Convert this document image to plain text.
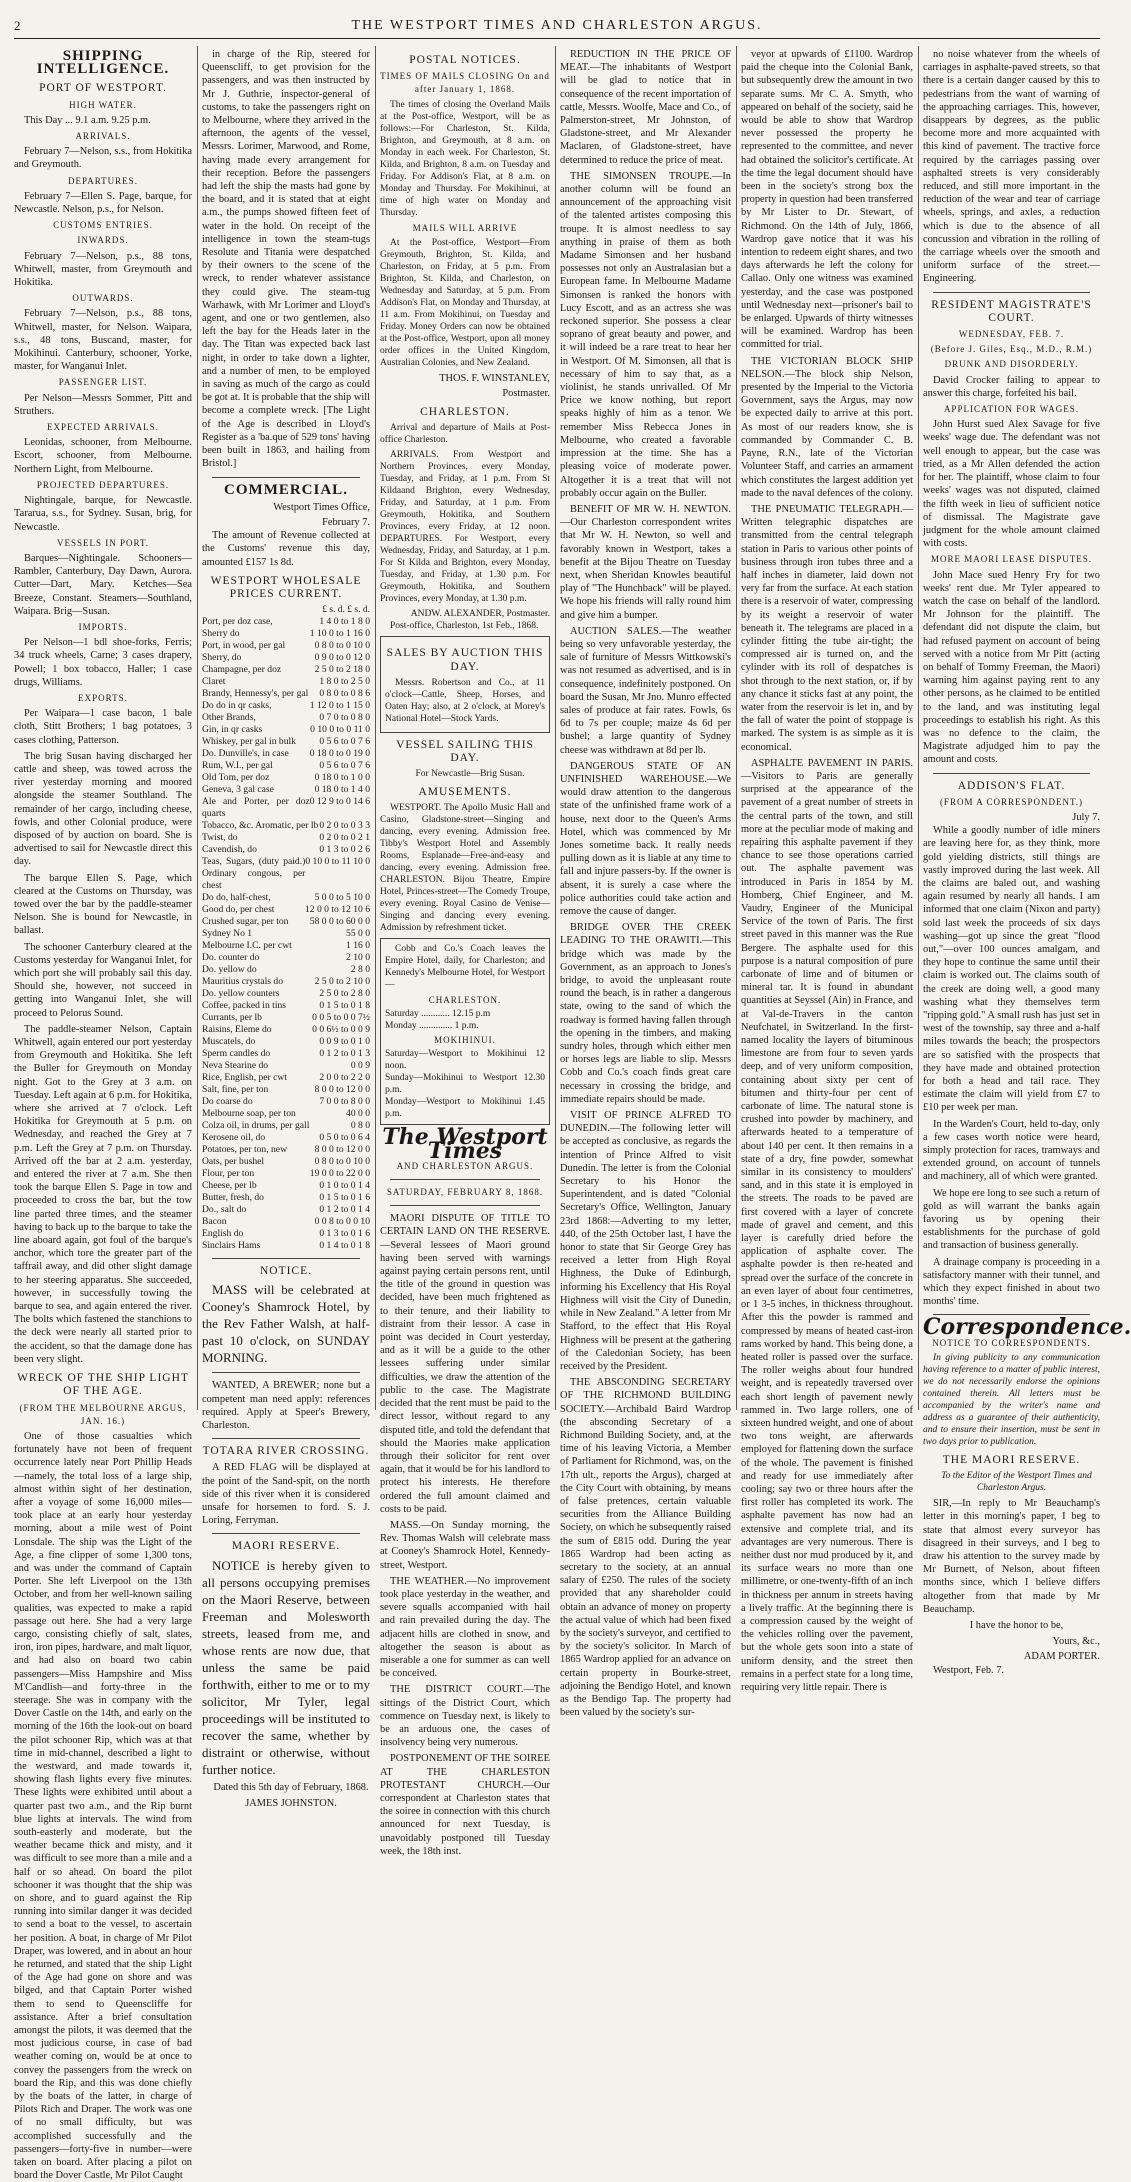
2	THE WESTPORT TIMES AND CHARLESTON ARGUS.
SHIPPING INTELLIGENCE.
PORT OF WESTPORT.
HIGH WATER.

This Day ... 9.1 a.m. 9.25 p.m.

ARRIVALS.

February 7—Nelson, s.s., from Hokitika and Greymouth.

DEPARTURES.

February 7—Ellen S. Page, barque, for Newcastle. Nelson, p.s., for Nelson.

CUSTOMS ENTRIES.
INWARDS.

February 7—Nelson, p.s., 88 tons, Whitwell, master, from Greymouth and Hokitika.

OUTWARDS.

February 7—Nelson, p.s., 88 tons, Whitwell, master, for Nelson. Waipara, s.s., 48 tons, Buscand, master, for Mokihinui. Canterbury, schooner, Yorke, master, for Wanganui Inlet.

PASSENGER LIST.

Per Nelson—Messrs Sommer, Pitt and Struthers.

EXPECTED ARRIVALS.

Leonidas, schooner, from Melbourne. Escort, schooner, from Melbourne. Northern Light, from Melbourne.

PROJECTED DEPARTURES.

Nightingale, barque, for Newcastle. Tararua, s.s., for Sydney. Susan, brig, for Newcastle.

VESSELS IN PORT.

Barques—Nightingale. Schooners—Rambler, Canterbury, Day Dawn, Aurora. Cutter—Dart, Mary. Ketches—Sea Breeze, Constant. Steamers—Southland, Waipara. Brig—Susan.

IMPORTS.

Per Nelson—1 bdl shoe-forks, Ferris; 34 truck wheels, Carne; 3 cases drapery, Powell; 1 box tobacco, Haller; 1 case drugs, Williams.

EXPORTS.

Per Waipara—1 case bacon, 1 bale cloth, Stitt Brothers; 1 bag potatoes, 3 cases clothing, Patterson.

The brig Susan having discharged her cattle and sheep, was towed across the river yesterday morning and moored alongside the steamer Southland. The remainder of her cargo, including cheese, fowls, and other Colonial produce, were disposed of by auction on board. She is advertised to sail for Newcastle direct this day.

The barque Ellen S. Page, which cleared at the Customs on Thursday, was towed over the bar by the paddle-steamer Nelson. She is bound for Newcastle, in ballast.

The schooner Canterbury cleared at the Customs yesterday for Wanganui Inlet, for which port she will probably sail this day. Should she, however, not succeed in getting into Wanganui Inlet, she will proceed to Pelorus Sound.

The paddle-steamer Nelson, Captain Whitwell, again entered our port yesterday from Greymouth and Hokitika. She left the Buller for Greymouth on Monday night. Got to the Grey at 3 a.m. on Tuesday. Left again at 6 p.m. for Hokitika, where she arrived at 7 o'clock. Left Hokitika for Greymouth at 5 p.m. on Wednesday, and reached the Grey at 7 p.m. Left the Grey at 7 p.m. on Thursday. Arrived off the bar at 2 a.m. yesterday, and entered the river at 7 a.m. She then took the barque Ellen S. Page in tow and proceeded to cross the bar, but the tow line parted three times, and the steamer having to back up to the barque to take the line aboard again, got foul of the barque's anchor, which tore the greater part of the taffrail away, and did other slight damage to her steering apparatus. She succeeded, however, in successfully towing the barque to sea, and again entered the river. The bolts which fastened the stanchions to the deck were nearly all started prior to the accident, so that the damage done has been very slight.

WRECK OF THE SHIP LIGHT OF THE AGE.
(FROM THE MELBOURNE ARGUS, JAN. 16.)

One of those casualties which fortunately have not been of frequent occurrence lately near Port Phillip Heads—namely, the total loss of a large ship, almost within sight of her destination, after a voyage of some 16,000 miles—took place at an early hour yesterday morning, about a mile west of Point Lonsdale. The ship was the Light of the Age, a fine clipper of some 1,300 tons, and was under the command of Captain Porter. She left Liverpool on the 13th October, and from her well-known sailing qualities, was expected to make a rapid passage out here. She had a very large cargo, consisting chiefly of salt, slates, iron, iron pipes, hardware, and malt liquor, and had also on board two cabin passengers—Miss Hampshire and Miss M'Candlish—and forty-three in the steerage. She was in company with the Dover Castle on the 14th, and early on the morning of the 16th the look-out on board the pilot schooner Rip, which was at that time in mid-channel, described a light to the westward, and made towards it, showing flash lights every five minutes. These lights were exhibited until about a quarter past two a.m., and the Rip burnt blue lights at intervals. The wind from south-easterly and moderate, but the weather became thick and misty, and it was difficult to see more than a mile and a half or so ahead. On board the pilot schooner it was thought that the ship was on shore, and to guard against the Rip running into similar danger it was decided to send a boat to the vessel, to ascertain her position. A boat, in charge of Mr Pilot Draper, was lowered, and in about an hour he returned, and stated that the ship Light of the Age had gone on shore and was bilged, and that Captain Porter wished them to send to Queenscliffe for assistance. After a brief consultation amongst the pilots, it was deemed that the most judicious course, in case of bad weather coming on, would be at once to convey the passengers from the wreck on board the Rip, and this was done chiefly by the boats of the latter, in charge of Pilots Rich and Draper. The work was one of no small difficulty, but was accomplished successfully and the passengers—forty-five in number—were taken on board. After placing a pilot on board the Dover Castle, Mr Pilot Caught

in charge of the Rip, steered for Queenscliff, to get provision for the passengers, and was then instructed by Mr J. Guthrie, inspector-general of customs, to take the passengers right on to Melbourne, where they arrived in the afternoon, the agents of the vessel, Messrs. Lorimer, Marwood, and Rome, having made every arrangement for their reception. Before the passengers had left the ship the masts had gone by the board, and it is stated that at eight a.m., the pumps showed fifteen feet of water in the hold. On receipt of the intelligence in town the steam-tugs Resolute and Titania were despatched by their owners to the scene of the wreck, to render whatever assistance they could give. The steam-tug Warhawk, with Mr Lorimer and Lloyd's agent, and one or two gentlemen, also left the bay for the Heads later in the day. The Titan was expected back last night, in order to take down a lighter, and a number of men, to be employed in saving as much of the cargo as could be got at. It is probable that the ship will become a complete wreck. [The Light of the Age is described in Lloyd's Register as a 'ba.que of 529 tons' having been built in 1863, and hailing from Bristol.]

COMMERCIAL.
Westport Times Office,
February 7.

The amount of Revenue collected at the Customs' revenue this day, amounted £157 1s 8d.

WESTPORT WHOLESALE PRICES CURRENT.
£ s. d. £ s. d.
Port, per doz case,	1 4 0 to 1 8 0
Sherry do	1 10 0 to 1 16 0
Port, in wood, per gal	0 8 0 to 0 10 0
Sherry, do	0 9 0 to 0 12 0
Champagne, per doz	2 5 0 to 2 18 0
Claret	1 8 0 to 2 5 0
Brandy, Hennessy's, per gal	0 8 0 to 0 8 6
Do do in qr casks,	1 12 0 to 1 15 0
Other Brands,	0 7 0 to 0 8 0
Gin, in qr casks	0 10 0 to 0 11 0
Whiskey, per gal in bulk	0 5 6 to 0 7 6
Do. Dunville's, in case	0 18 0 to 0 19 0
Rum, W.I., per gal	0 5 6 to 0 7 6
Old Tom, per doz	0 18 0 to 1 0 0
Geneva, 3 gal case	0 18 0 to 1 4 0
Ale and Porter, per doz quarts
0 12 9 to 0 14 6
Tobacco, &c. Aromatic, per lb 0 2 0 to 0 3 3
Twist, do	0 2 0 to 0 2 1
Cavendish, do	0 1 3 to 0 2 6
Teas, Sugars, (duty paid.) Ordinary congous, per chest
0 10 0 to 11 10 0
Do do, half-chest,	5 0 0 to 5 10 0
Good do, per chest	12 0 0 to 12 10 6
Crushed sugar, per ton	58 0 0 to 60 0 0
Sydney No 1	55 0 0
Melbourne I.C. per cwt	1 16 0
Do. counter do	2 10 0
Do. yellow do	2 8 0
Mauritius crystals do	2 5 0 to 2 10 0
Do. yellow counters	2 5 0 to 2 8 0
Coffee, packed in tins	0 1 5 to 0 1 8
Currants, per lb	0 0 5 to 0 0 7½
Raisins, Eleme do	0 0 6½ to 0 0 9
Muscatels, do	0 0 9 to 0 1 0
Sperm candles do	0 1 2 to 0 1 3
Neva Stearine do	0 0 9
Rice, English, per cwt	2 0 0 to 2 2 0
Salt, fine, per ton	8 0 0 to 12 0 0
Do coarse do	7 0 0 to 8 0 0
Melbourne soap, per ton	40 0 0
Colza oil, in drums, per gall	0 8 0
Kerosene oil, do	0 5 0 to 0 6 4
Potatoes, per ton, new	8 0 0 to 12 0 0
Oats, per bushel	0 8 0 to 0 10 0
Flour, per ton	19 0 0 to 22 0 0
Cheese, per lb	0 1 0 to 0 1 4
Butter, fresh, do	0 1 5 to 0 1 6
Do., salt do	0 1 2 to 0 1 4
Bacon	0 0 8 to 0 0 10
English do	0 1 3 to 0 1 6
Sinclairs Hams	0 1 4 to 0 1 8
NOTICE.

MASS will be celebrated at Cooney's Shamrock Hotel, by the Rev Father Walsh, at half-past 10 o'clock, on SUNDAY MORNING.

WANTED, A BREWER; none but a competent man need apply: references required. Apply at Speer's Brewery, Charleston.

TOTARA RIVER CROSSING.

A RED FLAG will be displayed at the point of the Sand-spit, on the north side of this river when it is considered unsafe for horsemen to ford. S. J. Loring, Ferryman.

MAORI RESERVE.

NOTICE is hereby given to all persons occupying premises on the Maori Reserve, between Freeman and Molesworth streets, leased from me, and whose rents are now due, that unless the same be paid forthwith, either to me or to my solicitor, Mr Tyler, legal proceedings will be instituted to recover the same, whether by distraint or otherwise, without further notice.

Dated this 5th day of February, 1868.

JAMES JOHNSTON.

POSTAL NOTICES.
TIMES OF MAILS CLOSING On and after January 1, 1868.

The times of closing the Overland Mails at the Post-office, Westport, will be as follows:—For Charleston, St. Kilda, Brighton, and Greymouth, at 8 a.m. on Monday in each week. For Charleston, St. Kilda, and Brighton, 8 a.m. on Tuesday and Friday. For Addison's Flat, at 8 a.m. on Monday and Thursday. For Mokihinui, at time of high water on Monday and Thursday.

MAILS WILL ARRIVE

At the Post-office, Westport—From Greymouth, Brighton, St. Kilda, and Charleston, on Friday, at 5 p.m. From Brighton, St. Kilda, and Charleston, on Wednesday and Saturday, at 5 p.m. From Addison's Flat, on Monday and Thursday, at 11 a.m. From Mokihinui, on Tuesday and Friday. Money Orders can now be obtained at the Post-office, Westport, upon all money order offices in the United Kingdom, Australian Colonies, and New Zealand.

THOS. F. WINSTANLEY,
Postmaster.
CHARLESTON.

Arrival and departure of Mails at Post-office Charleston.

ARRIVALS. From Westport and Northern Provinces, every Monday, Tuesday, and Friday, at 1 p.m. From St Kildaand Brighton, every Wednesday, Friday, and Saturday, at 1 p.m. From Greymouth, Hokitika, and Southern Provinces, every Friday, at 12 noon. DEPARTURES. For Westport, every Wednesday, Friday, and Saturday, at 1 p.m. For St Kilda and Brighton, every Monday, Tuesday, and Friday, at 1.30 p.m. For Greymouth, Hokitika, and Southern Provinces, every Monday, at 1.30 p.m.

ANDW. ALEXANDER, Postmaster.

Post-office, Charleston, 1st Feb., 1868.

SALES BY AUCTION THIS DAY.

Messrs. Robertson and Co., at 11 o'clock—Cattle, Sheep, Horses, and Oaten Hay; also, at 2 o'clock, at Morey's National Hotel—Stock Yards.

VESSEL SAILING THIS DAY.

For Newcastle—Brig Susan.

AMUSEMENTS.

WESTPORT. The Apollo Music Hall and Casino, Gladstone-street—Singing and dancing, every evening. Admission free. Tibby's Westport Hotel and Assembly Rooms, Esplanade—Free-and-easy and dancing, every evening. Admission free. CHARLESTON. Bijou Theatre, Empire Hotel, Princes-street—The Comedy Troupe, every evening. Royal Casino de Venise—Singing and dancing every evening. Admission by refreshment ticket.

Cobb and Co.'s Coach leaves the Empire Hotel, daily, for Charleston; and Kennedy's Melbourne Hotel, for Westport—

CHARLESTON.
Saturday ............ 12.15 p.m
Monday .............. 1 p.m.
MOKIHINUI.
Saturday—Westport to Mokihinui 12 noon.
Sunday—Mokihinui to Westport 12.30 p.m.
Monday—Westport to Mokihinui 1.45 p.m.
The Westport Times
AND CHARLESTON ARGUS.
SATURDAY, FEBRUARY 8, 1868.

MAORI DISPUTE OF TITLE TO CERTAIN LAND ON THE RESERVE.—Several lessees of Maori ground having been served with warnings against paying certain persons rent, until the title of the ground in question was decided, have been much frightened as to their tenure, and their liability to distraint from their lessor. A case in point was decided in Court yesterday, and as it will be a guide to the other lessees suffering under similar difficulties, we draw the attention of the public to the case. The Magistrate decided that the rent must be paid to the direct lessor, without regard to any disputed title, and told the defendant that should the Maories make application through their solicitor for rent over again, that it would be for his landlord to protect his interests. He therefore ordered the full amount claimed and costs to be paid.

MASS.—On Sunday morning, the Rev. Thomas Walsh will celebrate mass at Cooney's Shamrock Hotel, Kennedy-street, Westport.

THE WEATHER.—No improvement took place yesterday in the weather, and severe squalls accompanied with hail and rain prevailed during the day. The adjacent hills are clothed in snow, and altogether the season is about as miserable a one for summer as can well be conceived.

THE DISTRICT COURT.—The sittings of the District Court, which commence on Tuesday next, is likely to be an arduous one, the cases of insolvency being very numerous.

POSTPONEMENT OF THE SOIREE AT THE CHARLESTON PROTESTANT CHURCH.—Our correspondent at Charleston states that the soiree in connection with this church announced for next Tuesday, is unavoidably postponed till Tuesday week, the 18th inst.

REDUCTION IN THE PRICE OF MEAT.—The inhabitants of Westport will be glad to notice that in consequence of the recent importation of cattle, Messrs. Woolfe, Mace and Co., of Palmerston-street, Mr Johnston, of Gladstone-street, and Mr Alexander Maclaren, of Gladstone-street, have determined to reduce the price of meat.

THE SIMONSEN TROUPE.—In another column will be found an announcement of the approaching visit of the talented artistes composing this troupe. It is almost needless to say anything in praise of them as both Madame Simonsen and her husband possesses not only an Australasian but a European fame. In Melbourne Madame Simonsen is ranked the honors with Lucy Escott, and as an actress she was reckoned superior. She possess a clear soprano of great beauty and power, and it will indeed be a rare treat to hear her in Westport. Of M. Simonsen, all that is necessary of him to say that, as a violinist, he stands unrivalled. Of Mr Price we know nothing, but report speaks highly of him as a tenor. We remember Miss Rebecca Jones in Melbourne, who created a favorable impression at the time. She has a pleasing voice of moderate power. Altogether it is a treat that will not probably occur again on the Buller.

BENEFIT OF MR W. H. NEWTON.—Our Charleston correspondent writes that Mr W. H. Newton, so well and favorably known in Westport, takes a benefit at the Bijou Theatre on Tuesday next, when Sheridan Knowles beautiful play of "The Hunchback" will be played. We hope his friends will rally round him and give him a bumper.

AUCTION SALES.—The weather being so very unfavorable yesterday, the sale of furniture of Messrs Wittkowski's was not resumed as advertised, and is in consequence, indefinitely postponed. On board the Susan, Mr Jno. Munro effected sales of produce at fair rates. Fowls, 6s 6d to 7s per couple; maize 4s 6d per bushel; a large quantity of Sydney cheese was withdrawn at 8d per lb.

DANGEROUS STATE OF AN UNFINISHED WAREHOUSE.—We would draw attention to the dangerous state of the unfinished frame work of a house, next door to the Queen's Arms Hotel, which was commenced by Mr Jones sometime back. It really needs pulling down as it is liable at any time to fall and injure passers-by. If the owner is absent, it is surely a case where the police authorities could take action and remove the cause of danger.

BRIDGE OVER THE CREEK LEADING TO THE ORAWITI.—This bridge which was made by the Government, as an approach to Jones's bridge, to avoid the unpleasant route round the beach, is in rather a dangerous state, owing to the sand of which the roadway is formed having fallen through the opening in the timbers, and making sundry holes, through which either men or horses legs are liable to slip. Messrs Cobb and Co.'s coach finds great care necessary in crossing the bridge, and immediate repairs should be made.

VISIT OF PRINCE ALFRED TO DUNEDIN.—The following letter will be accepted as conclusive, as regards the intention of Prince Alfred to visit Dunedin. The letter is from the Colonial Secretary to his Honor the Superintendent, and is dated "Colonial Secretary's Office, Wellington, January 23rd 1868:—Adverting to my letter, 440, of the 25th October last, I have the honor to state that Sir George Grey has received a letter from High Royal Highness, the Duke of Edinburgh, informing his Excellency that His Royal Highness will visit the City of Dunedin, while in New Zealand." A letter from Mr Stafford, to the effect that His Royal Highness will be present at the gathering of the Caledonian Society, has been received by the President.

THE ABSCONDING SECRETARY OF THE RICHMOND BUILDING SOCIETY.—Archibald Baird Wardrop (the absconding Secretary of a Richmond Building Society, and, at the time of his leaving Victoria, a Member of Parliament for Richmond, was, on the 17th ult., reports the Argus), charged at the City Court with obtaining, by means of false pretences, certain valuable securities from the Alliance Building Society, on which he subsequently raised the sum of £815 odd. During the year 1865 Wardrop had been acting as secretary to the society, at an annual salary of £250. The rules of the society provided that any shareholder could obtain an advance of money on property the actual value of which had been fixed by the society's surveyor, and certified to by the society's solicitor. In March of 1865 Wardrop applied for an advance on certain property in Bourke-street, adjoining the Bendigo Hotel, and known as the Bendigo Tap. The property had been valued by the society's sur-

veyor at upwards of £1100. Wardrop paid the cheque into the Colonial Bank, but subsequently drew the amount in two separate sums. Mr C. A. Smyth, who appeared on behalf of the society, said he would be able to show that Wardrop never possessed the property he represented to the committee, and never had obtained the solicitor's certificate. At the time the legal document should have been in the society's strong box the property in question had been transferred by Mr Lister to Dr. Stewart, of Richmond. On the 14th of July, 1866, Wardrop gave notice that it was his intention to redeem eight shares, and two days afterwards he left the colony for Callao. Only one witness was examined yesterday, and the case was postponed until Wednesday next—prisoner's bail to be enlarged. Upwards of thirty witnesses will be examined. Wardrop has been committed for trial.

THE VICTORIAN BLOCK SHIP NELSON.—The block ship Nelson, presented by the Imperial to the Victoria Government, says the Argus, may now be expected daily to arrive at this port. As most of our readers know, she is commanded by Commander C. B. Payne, R.N., late of the Victorian Volunteer Staff, and carries an armament which constitutes the largest addition yet made to the naval defences of the colony.

THE PNEUMATIC TELEGRAPH.—Written telegraphic dispatches are transmitted from the central telegraph station in Paris to various other points of business through iron tubes three and a half inches in diameter, laid down not very far from the surface. At each station there is a reservoir of water, compressing by its weight a reservoir of water beneath it. The telegrams are placed in a cylinder fitting the tube air-tight; the compressed air is turned on, and the cylinder with its roll of despatches is shot through to the next station, or, if by any chance it sticks fast at any point, the water from the reservoir is let in, and by the fall of water the point of stoppage is marked. The system is as simple as it is economical.

ASPHALTE PAVEMENT IN PARIS.—Visitors to Paris are generally surprised at the appearance of the pavement of a great number of streets in the central parts of the town, and still more at the peculiar mode of making and repairing this asphalte pavement if they chance to see those operations carried out. The asphalte pavement was introduced in Paris in 1854 by M. Homberg, Chief Engineer, and M. Vaudry, Engineer of the Municipal Service of the town of Paris. The first street paved in this manner was the Rue Bergere. The asphalte used for this purpose is a natural composition of pure carbonate of lime and of bitumen or mineral tar. It is found in abundant quantities at Seyssel (Ain) in France, and at Val-de-Travers in the canton Neufchatel, in Switzerland. In the first-named locality the layers of bituminous limestone are from four to seven yards deep, and of very uniform composition, containing about sixty per cent of bitumen and thirty-four per cent of carbonate of lime. The natural stone is crushed into powder by machinery, and afterwards heated to a temperature of about 140 per cent. It then remains in a state of a dry, fine powder, somewhat similar in its consistency to moulders' sand, and in this state it is employed in the streets. The roads to be paved are first covered with a layer of concrete made of gravel and cement, and this layer is carefully dried before the application of asphalte cover. The asphalte powder is then re-heated and spread over the surface of the concrete in an even layer of about four centimetres, or 1 3-5 inches, in thickness throughout. After this the powder is rammed and compressed by means of heated cast-iron rams worked by hand. This being done, a heated roller is passed over the surface. The roller weighs about four hundred weight, and is repeatedly traversed over each short length of pavement newly rammed in. Two large rollers, one of sixteen hundred weight, and one of about two tons weight, are afterwards employed for flattening down the surface of the whole. The pavement is finished and ready for use immediately after cooling; say two or three hours after the first roller has completed its work. The asphalte pavement has now had an extensive and complete trial, and its advantages are very numerous. There is neither dust nor mud produced by it, and its surface wears no more than one millimetre, or one-twenty-fifth of an inch in thickness per annum in streets having a lively traffic. At the beginning there is a compression caused by the weight of the vehicles rolling over the pavement, but the whole gets soon into a state of uniform density, and the street then remains in a perfect state for a long time, requiring very little repair. There is

no noise whatever from the wheels of carriages in asphalte-paved streets, so that there is a certain danger caused by this to pedestrians from the want of warning of the approaching carriages. This, however, disappears by degrees, as the public become more and more acquainted with this kind of pavement. The tractive force required by the carriages passing over asphalted streets is very considerably reduced, and still more important in the reduction of the wear and tear of carriage wheels, springs, and axles, a reduction which is due to the absence of all concussion and vibration in the rolling of the carriage wheels over the smooth and uniform surface of the street.—Engineering.

RESIDENT MAGISTRATE'S COURT.
WEDNESDAY, FEB. 7.
(Before J. Giles, Esq., M.D., R.M.)
DRUNK AND DISORDERLY.

David Crocker failing to appear to answer this charge, forfeited his bail.

APPLICATION FOR WAGES.

John Hurst sued Alex Savage for five weeks' wage due. The defendant was not well enough to appear, but the case was tried, as a Mr Allen defended the action for her. The plaintiff, whose claim to four weeks' wages was not disputed, claimed the fifth week in lieu of sufficient notice of dismissal. The Magistrate gave judgment for the whole amount claimed with costs.

MORE MAORI LEASE DISPUTES.

John Mace sued Henry Fry for two weeks' rent due. Mr Tyler appeared to watch the case on behalf of the landlord. Mr Johnson for the plaintiff. The defendant did not dispute the claim, but had refused payment on account of being served with a notice from Mr Pitt (acting on behalf of Tommy Freeman, the Maori) warning him against paying rent to any other persons, as he claimed to be entitled to the land, and was instituting legal proceedings to establish his right. As this was no defence to the claim, the Magistrate adjudged him to pay the amount and costs.

ADDISON'S FLAT.
(FROM A CORRESPONDENT.)
July 7.

While a goodly number of idle miners are leaving here for, as they think, more gold yielding districts, still things are vastly improved during the last week. All the claims are baled out, and washing again resumed by nearly all hands. I am informed that one claim (Nixon and party) sold last week the proceeds of six days washing—got up since the great "flood out,"—over 100 ounces amalgam, and they hope to continue the same until their claim is worked out. The claims south of the creek are doing well, a good many washing what they themselves term "ripping gold." A small rush has just set in west of the township, say three and a-half miles towards the beach; the prospectors are so satisfied with the prospects that they have made and obtained protection for both a head and tail race. They estimate the claim will yield from £7 to £10 per week per man.

In the Warden's Court, held to-day, only a few cases worth notice were heard, simply protection for races, tramways and extended ground, on account of tunnels and machinery, all of which were granted.

We hope ere long to see such a return of gold as will warrant the banks again favoring us by opening their establishments for the purchase of gold and transaction of business generally.

A drainage company is proceeding in a satisfactory manner with their tunnel, and which they expect finished in about two months' time.

Correspondence.
NOTICE TO CORRESPONDENTS.

In giving publicity to any communication having reference to a matter of public interest, we do not necessarily endorse the opinions contained therein. All letters must be accompanied by the writer's name and address as a guarantee of their authenticity, and to ensure their insertion, must be sent in two days prior to publication.

THE MAORI RESERVE.

To the Editor of the Westport Times and Charleston Argus.

SIR,—In reply to Mr Beauchamp's letter in this morning's paper, I beg to state that almost every surveyor has disagreed in their surveys, and I beg to draw his attention to the survey made by Mr Burnett, of Nelson, about fifteen months since, which I believe differs altogether from that made by Mr Beauchamp.

I have the honor to be,

Yours, &c.,
ADAM PORTER.

Westport, Feb. 7.
